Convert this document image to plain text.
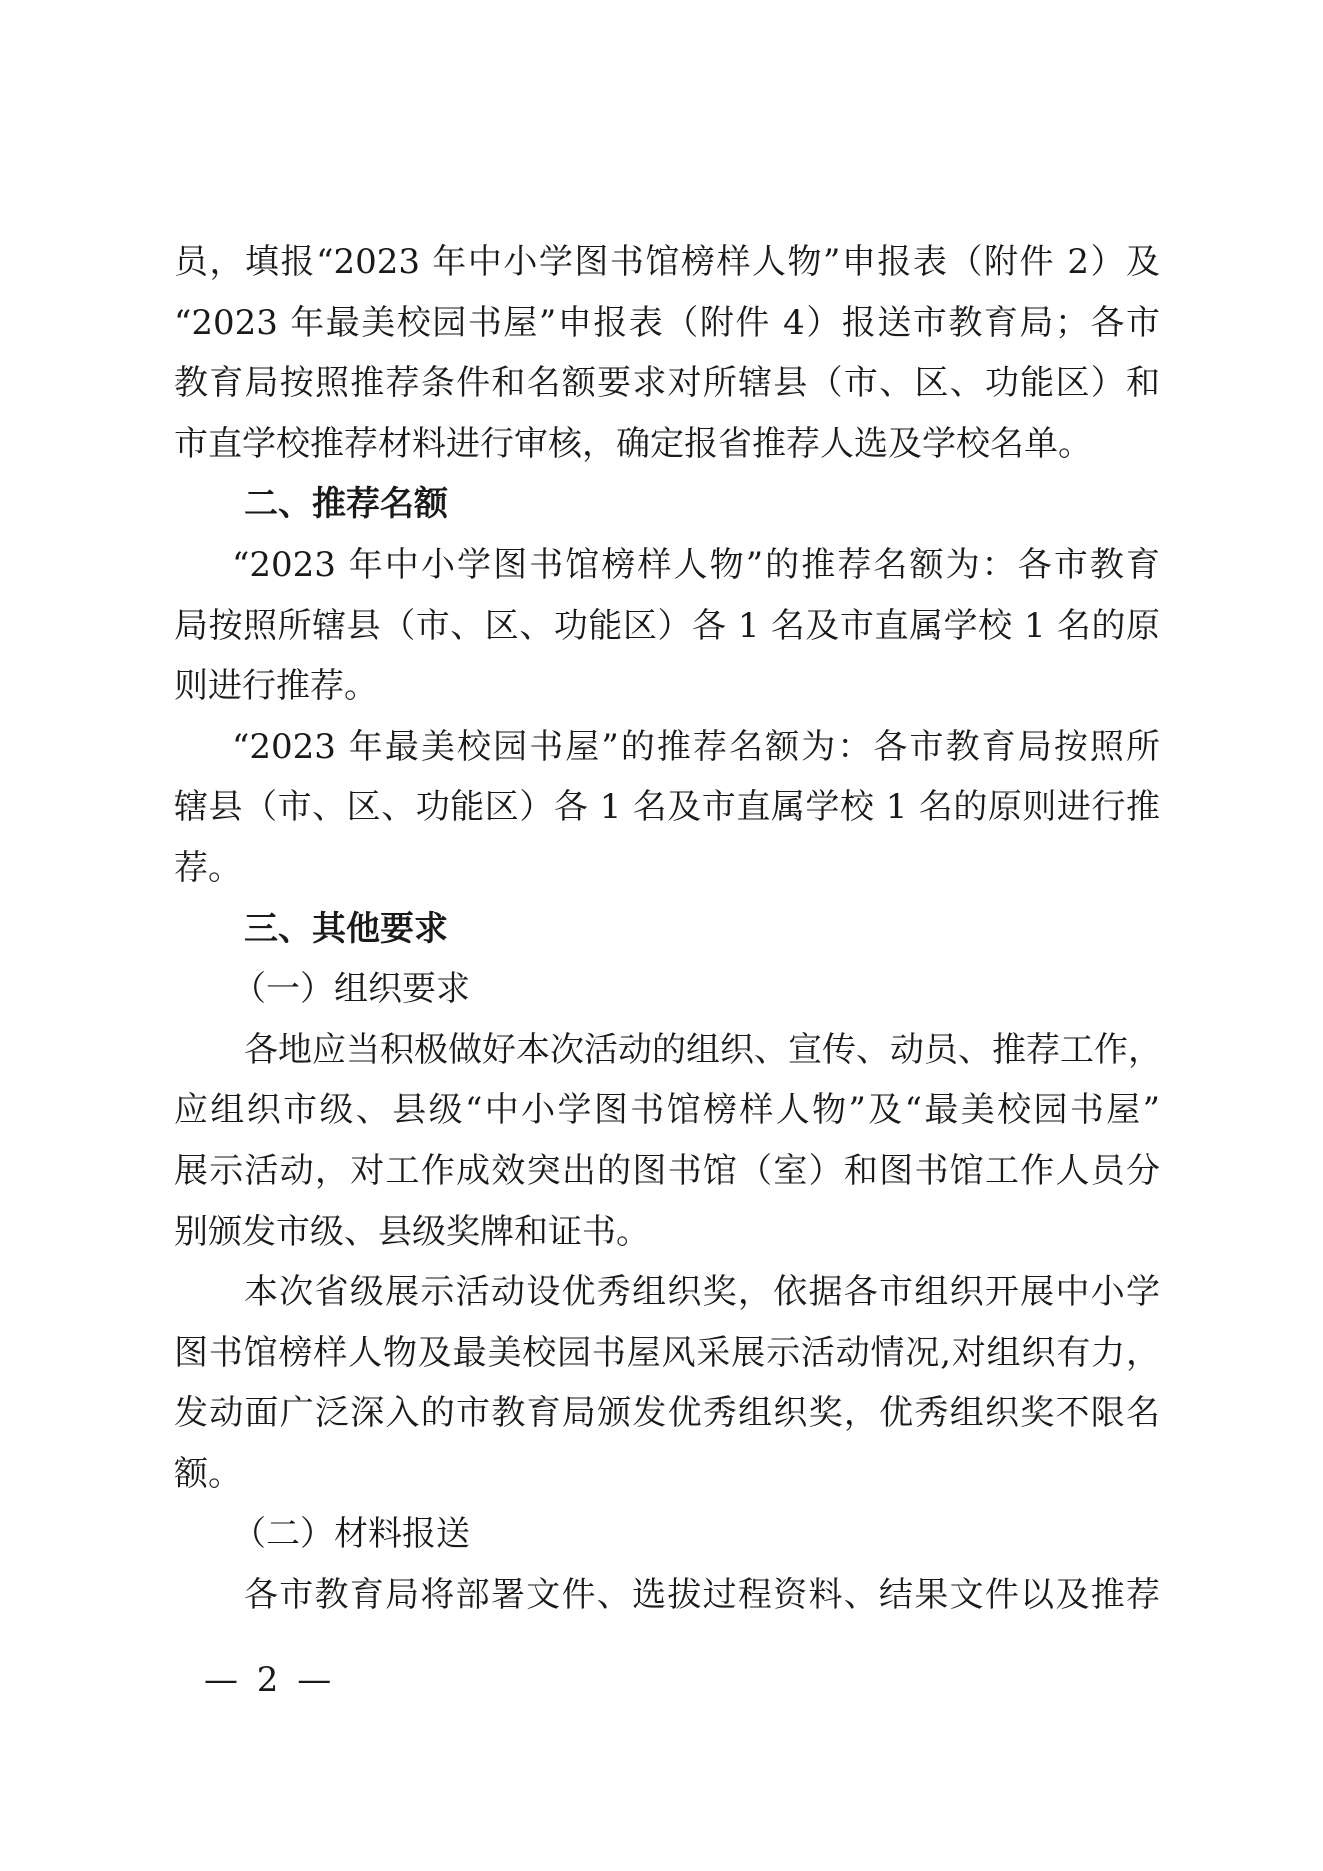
员，填报“2023 年中小学图书馆榜样人物”申报表（附件 2）及
“2023 年最美校园书屋”申报表（附件 4）报送市教育局；各市
教育局按照推荐条件和名额要求对所辖县（市、区、功能区）和
市直学校推荐材料进行审核，确定报省推荐人选及学校名单。
二、推荐名额
“2023 年中小学图书馆榜样人物”的推荐名额为：各市教育
局按照所辖县（市、区、功能区）各 1 名及市直属学校 1 名的原
则进行推荐。
“2023 年最美校园书屋”的推荐名额为：各市教育局按照所
辖县（市、区、功能区）各 1 名及市直属学校 1 名的原则进行推
荐。
三、其他要求
（一）组织要求
各地应当积极做好本次活动的组织、宣传、动员、推荐工作，
应组织市级、县级“中小学图书馆榜样人物”及“最美校园书屋”
展示活动，对工作成效突出的图书馆（室）和图书馆工作人员分
别颁发市级、县级奖牌和证书。
本次省级展示活动设优秀组织奖，依据各市组织开展中小学
图书馆榜样人物及最美校园书屋风采展示活动情况,对组织有力，
发动面广泛深入的市教育局颁发优秀组织奖，优秀组织奖不限名
额。
（二）材料报送
各市教育局将部署文件、选拔过程资料、结果文件以及推荐
— 2 —
